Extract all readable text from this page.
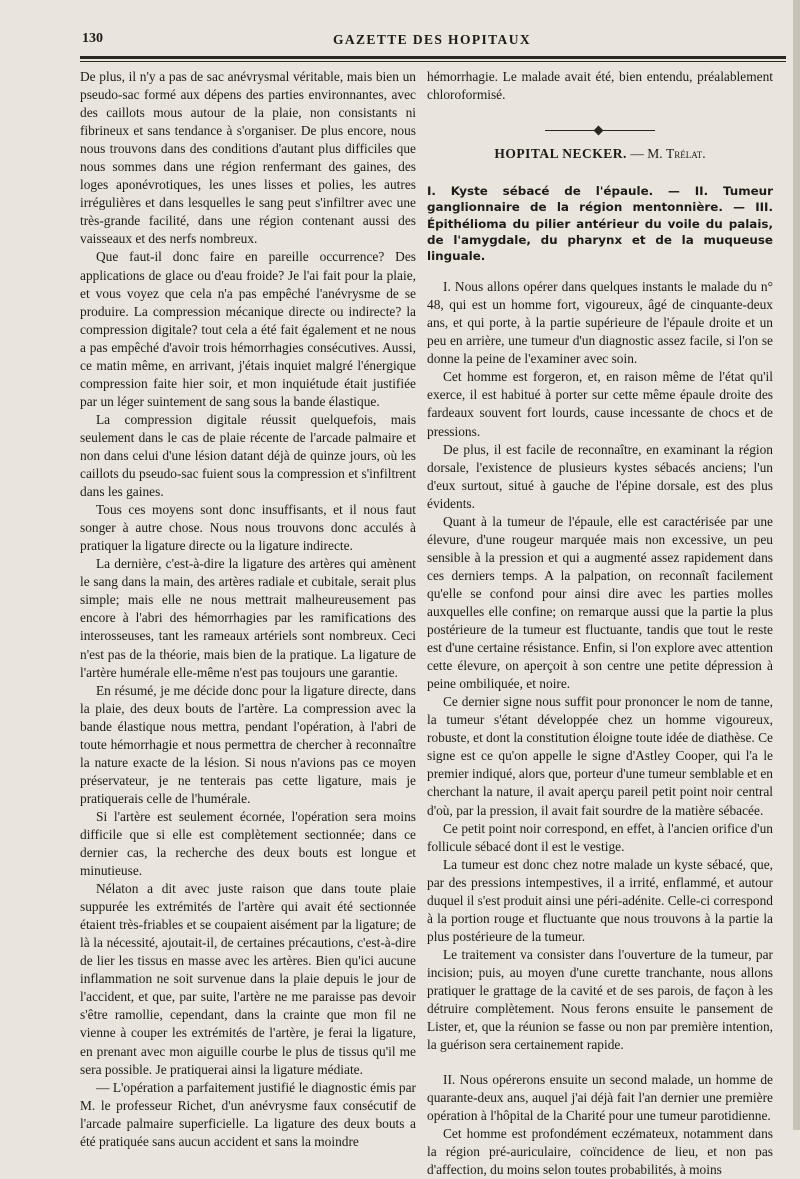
130	GAZETTE DES HOPITAUX

De plus, il n'y a pas de sac anévrysmal véritable, mais bien un pseudo-sac formé aux dépens des parties environnantes, avec des caillots mous autour de la plaie, non consistants ni fibrineux et sans tendance à s'organiser. De plus encore, nous nous trouvons dans des conditions d'autant plus difficiles que nous sommes dans une région renfermant des gaines, des loges aponévrotiques, les unes lisses et polies, les autres irrégulières et dans lesquelles le sang peut s'infiltrer avec une très-grande facilité, dans une région contenant aussi des vaisseaux et des nerfs nombreux.

Que faut-il donc faire en pareille occurrence? Des applications de glace ou d'eau froide? Je l'ai fait pour la plaie, et vous voyez que cela n'a pas empêché l'anévrysme de se produire. La compression mécanique directe ou indirecte? la compression digitale? tout cela a été fait également et ne nous a pas empêché d'avoir trois hémorrhagies consécutives. Aussi, ce matin même, en arrivant, j'étais inquiet malgré l'énergique compression faite hier soir, et mon inquiétude était justifiée par un léger suintement de sang sous la bande élastique.

La compression digitale réussit quelquefois, mais seulement dans le cas de plaie récente de l'arcade palmaire et non dans celui d'une lésion datant déjà de quinze jours, où les caillots du pseudo-sac fuient sous la compression et s'infiltrent dans les gaines.

Tous ces moyens sont donc insuffisants, et il nous faut songer à autre chose. Nous nous trouvons donc acculés à pratiquer la ligature directe ou la ligature indirecte.

La dernière, c'est-à-dire la ligature des artères qui amènent le sang dans la main, des artères radiale et cubitale, serait plus simple; mais elle ne nous mettrait malheureusement pas encore à l'abri des hémorrhagies par les ramifications des interosseuses, tant les rameaux artériels sont nombreux. Ceci n'est pas de la théorie, mais bien de la pratique. La ligature de l'artère humérale elle-même n'est pas toujours une garantie.

En résumé, je me décide donc pour la ligature directe, dans la plaie, des deux bouts de l'artère. La compression avec la bande élastique nous mettra, pendant l'opération, à l'abri de toute hémorrhagie et nous permettra de chercher à reconnaître la nature exacte de la lésion. Si nous n'avions pas ce moyen préservateur, je ne tenterais pas cette ligature, mais je pratiquerais celle de l'humérale.

Si l'artère est seulement écornée, l'opération sera moins difficile que si elle est complètement sectionnée; dans ce dernier cas, la recherche des deux bouts est longue et minutieuse.

Nélaton a dit avec juste raison que dans toute plaie suppurée les extrémités de l'artère qui avait été sectionnée étaient très-friables et se coupaient aisément par la ligature; de là la nécessité, ajoutait-il, de certaines précautions, c'est-à-dire de lier les tissus en masse avec les artères. Bien qu'ici aucune inflammation ne soit survenue dans la plaie depuis le jour de l'accident, et que, par suite, l'artère ne me paraisse pas devoir s'être ramollie, cependant, dans la crainte que mon fil ne vienne à couper les extrémités de l'artère, je ferai la ligature, en prenant avec mon aiguille courbe le plus de tissus qu'il me sera possible. Je pratiquerai ainsi la ligature médiate.

— L'opération a parfaitement justifié le diagnostic émis par M. le professeur Richet, d'un anévrysme faux consécutif de l'arcade palmaire superficielle. La ligature des deux bouts a été pratiquée sans aucun accident et sans la moindre

hémorrhagie. Le malade avait été, bien entendu, préalablement chloroformisé.

HOPITAL NECKER. — M. Trélat.
I. Kyste sébacé de l'épaule. — II. Tumeur ganglionnaire de la région mentonnière. — III. Épithélioma du pilier antérieur du voile du palais, de l'amygdale, du pharynx et de la muqueuse linguale.

I. Nous allons opérer dans quelques instants le malade du n° 48, qui est un homme fort, vigoureux, âgé de cinquante-deux ans, et qui porte, à la partie supérieure de l'épaule droite et un peu en arrière, une tumeur d'un diagnostic assez facile, si l'on se donne la peine de l'examiner avec soin.

Cet homme est forgeron, et, en raison même de l'état qu'il exerce, il est habitué à porter sur cette même épaule droite des fardeaux souvent fort lourds, cause incessante de chocs et de pressions.

De plus, il est facile de reconnaître, en examinant la région dorsale, l'existence de plusieurs kystes sébacés anciens; l'un d'eux surtout, situé à gauche de l'épine dorsale, est des plus évidents.

Quant à la tumeur de l'épaule, elle est caractérisée par une élevure, d'une rougeur marquée mais non excessive, un peu sensible à la pression et qui a augmenté assez rapidement dans ces derniers temps. A la palpation, on reconnaît facilement qu'elle se confond pour ainsi dire avec les parties molles auxquelles elle confine; on remarque aussi que la partie la plus postérieure de la tumeur est fluctuante, tandis que tout le reste est d'une certaine résistance. Enfin, si l'on explore avec attention cette élevure, on aperçoit à son centre une petite dépression à peine ombiliquée, et noire.

Ce dernier signe nous suffit pour prononcer le nom de tanne, la tumeur s'étant développée chez un homme vigoureux, robuste, et dont la constitution éloigne toute idée de diathèse. Ce signe est ce qu'on appelle le signe d'Astley Cooper, qui l'a le premier indiqué, alors que, porteur d'une tumeur semblable et en cherchant la nature, il avait aperçu pareil petit point noir central d'où, par la pression, il avait fait sourdre de la matière sébacée.

Ce petit point noir correspond, en effet, à l'ancien orifice d'un follicule sébacé dont il est le vestige.

La tumeur est donc chez notre malade un kyste sébacé, que, par des pressions intempestives, il a irrité, enflammé, et autour duquel il s'est produit ainsi une péri-adénite. Celle-ci correspond à la portion rouge et fluctuante que nous trouvons à la partie la plus postérieure de la tumeur.

Le traitement va consister dans l'ouverture de la tumeur, par incision; puis, au moyen d'une curette tranchante, nous allons pratiquer le grattage de la cavité et de ses parois, de façon à les détruire complètement. Nous ferons ensuite le pansement de Lister, et, que la réunion se fasse ou non par première intention, la guérison sera certainement rapide.

II. Nous opérerons ensuite un second malade, un homme de quarante-deux ans, auquel j'ai déjà fait l'an dernier une première opération à l'hôpital de la Charité pour une tumeur parotidienne.

Cet homme est profondément eczémateux, notamment dans la région pré-auriculaire, coïncidence de lieu, et non pas d'affection, du moins selon toutes probabilités, à moins
